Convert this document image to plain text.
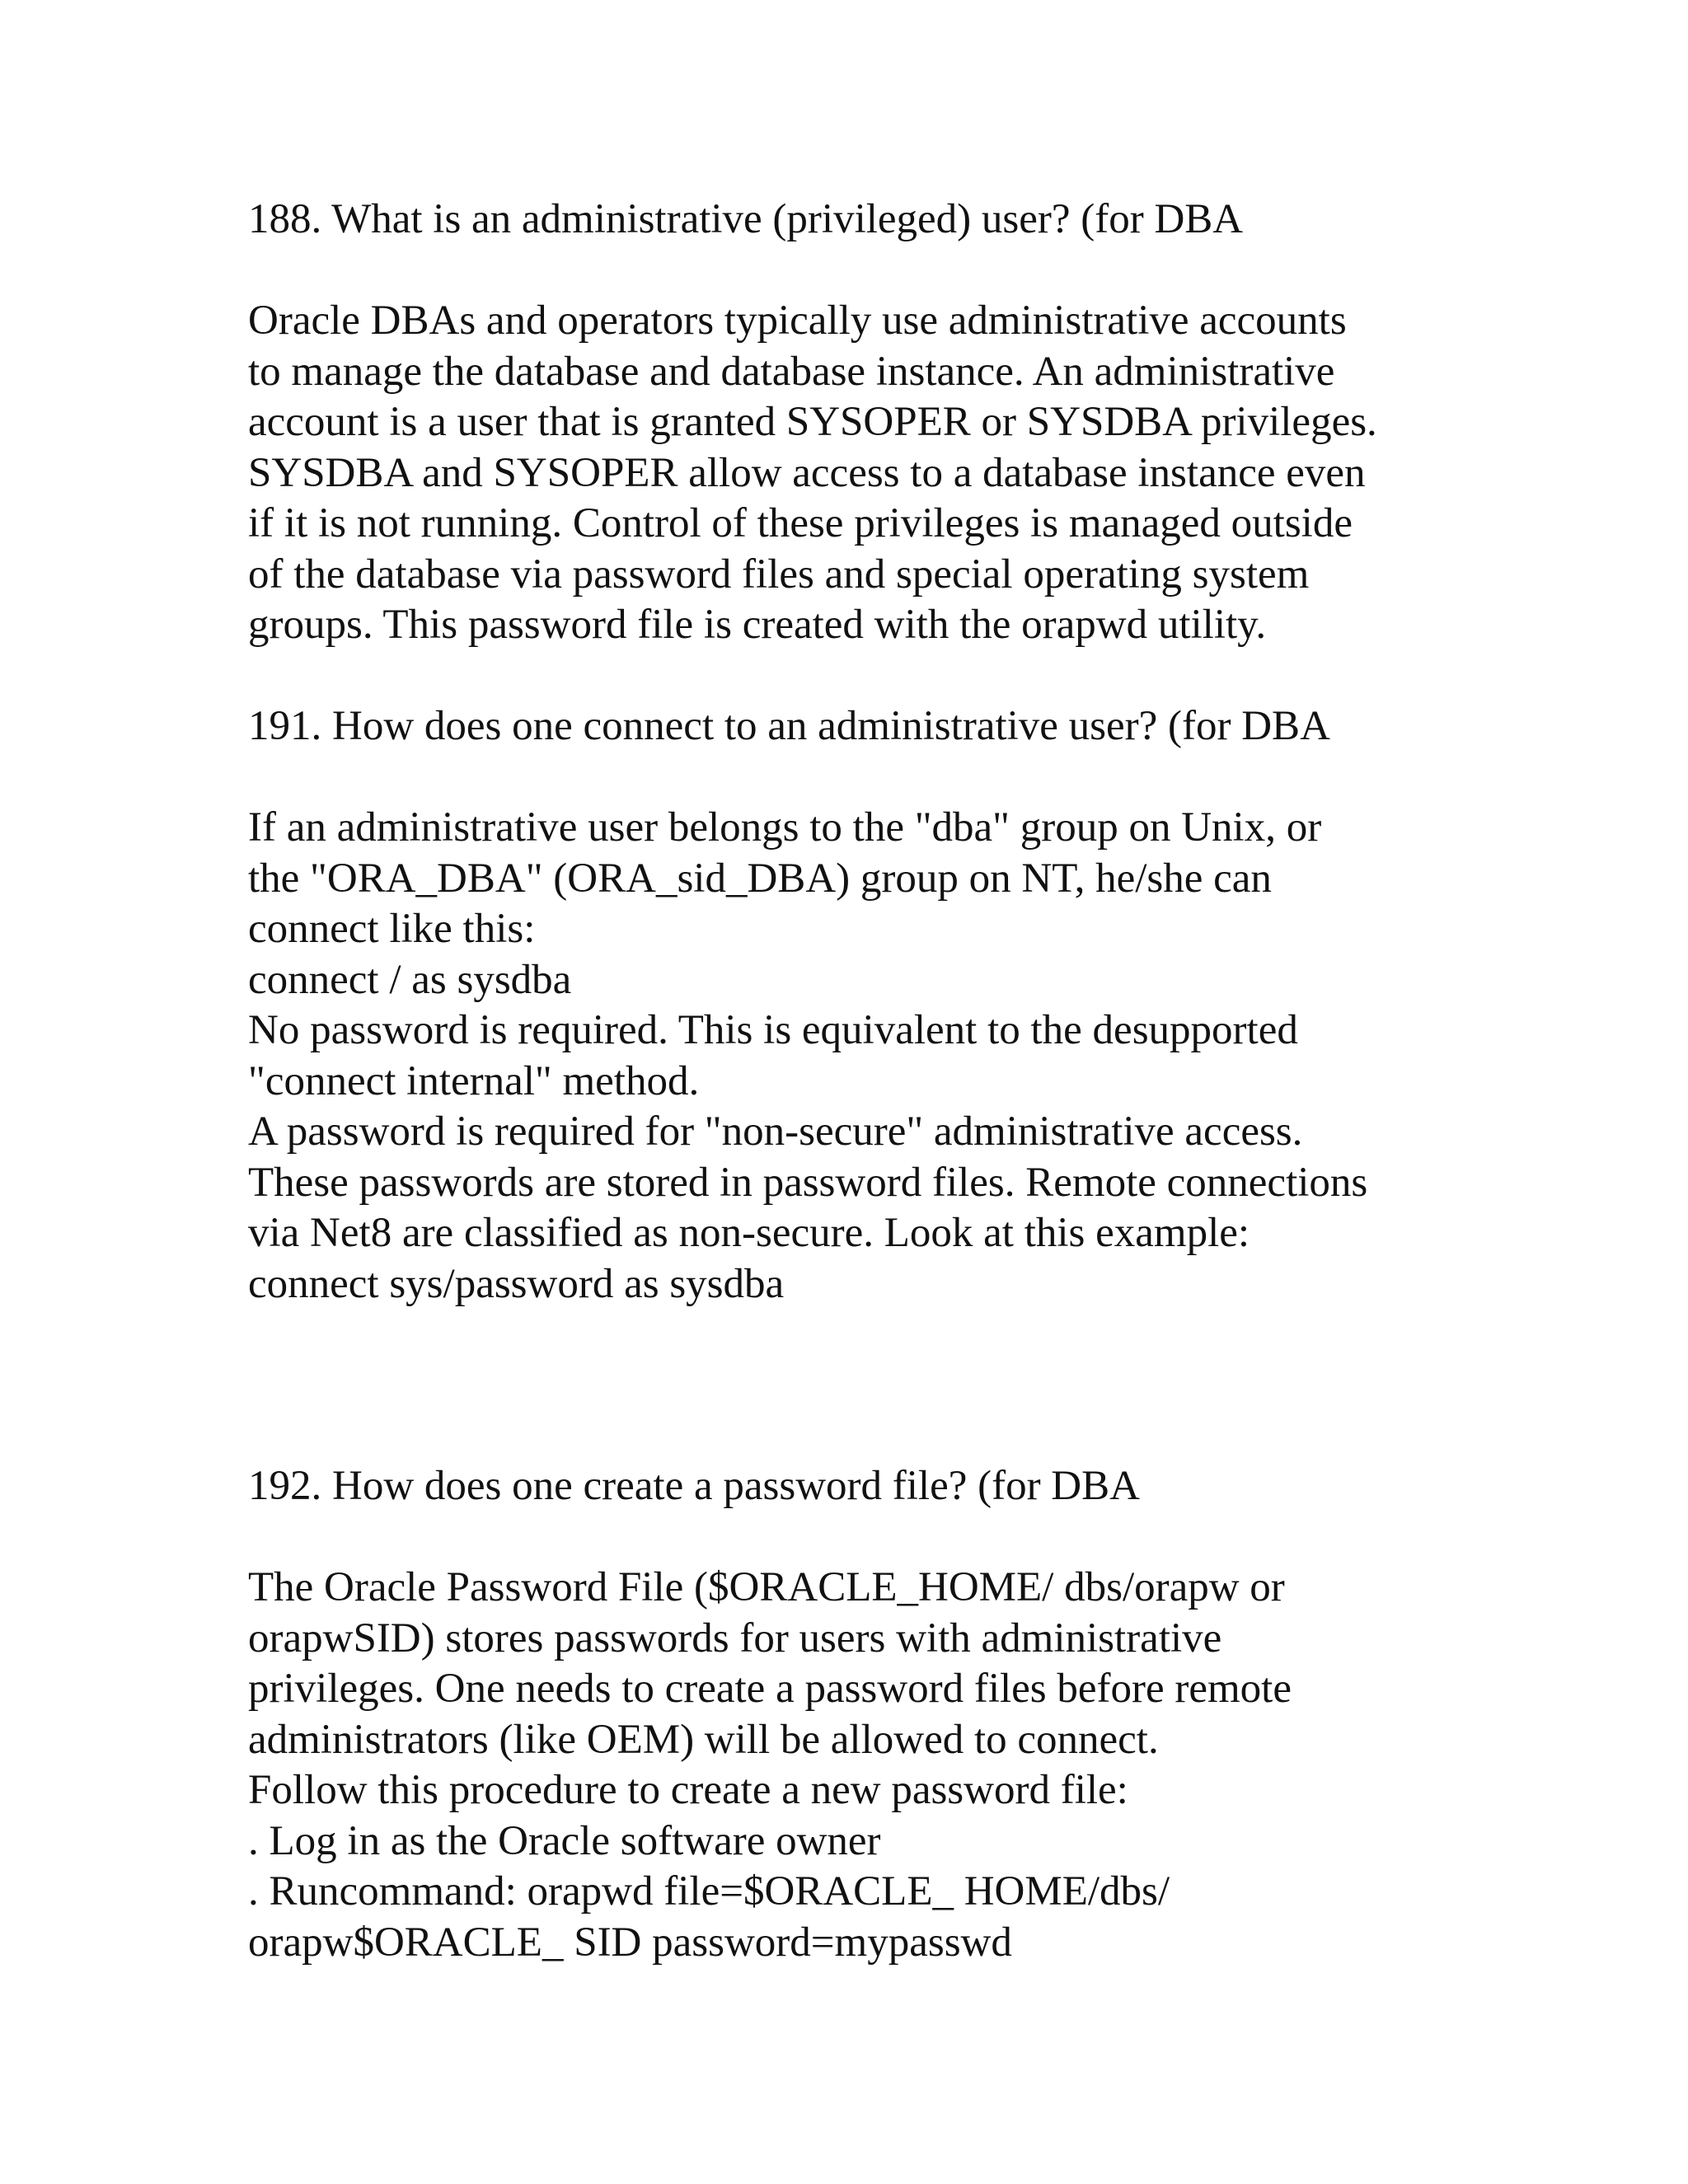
188. What is an administrative (privileged) user? (for DBA

Oracle DBAs and operators typically use administrative accounts
to manage the database and database instance. An administrative
account is a user that is granted SYSOPER or SYSDBA privileges.
SYSDBA and SYSOPER allow access to a database instance even
if it is not running. Control of these privileges is managed outside
of the database via password files and special operating system
groups. This password file is created with the orapwd utility.

191. How does one connect to an administrative user? (for DBA

If an administrative user belongs to the "dba" group on Unix, or
the "ORA_DBA" (ORA_sid_DBA) group on NT, he/she can
connect like this:
connect / as sysdba
No password is required. This is equivalent to the desupported
"connect internal" method.
A password is required for "non-secure" administrative access.
These passwords are stored in password files. Remote connections
via Net8 are classified as non-secure. Look at this example:
connect sys/password as sysdba

192. How does one create a password file? (for DBA

The Oracle Password File ($ORACLE_HOME/ dbs/orapw or
orapwSID) stores passwords for users with administrative
privileges. One needs to create a password files before remote
administrators (like OEM) will be allowed to connect.
Follow this procedure to create a new password file:
. Log in as the Oracle software owner
. Runcommand: orapwd file=$ORACLE_ HOME/dbs/
orapw$ORACLE_ SID password=mypasswd
